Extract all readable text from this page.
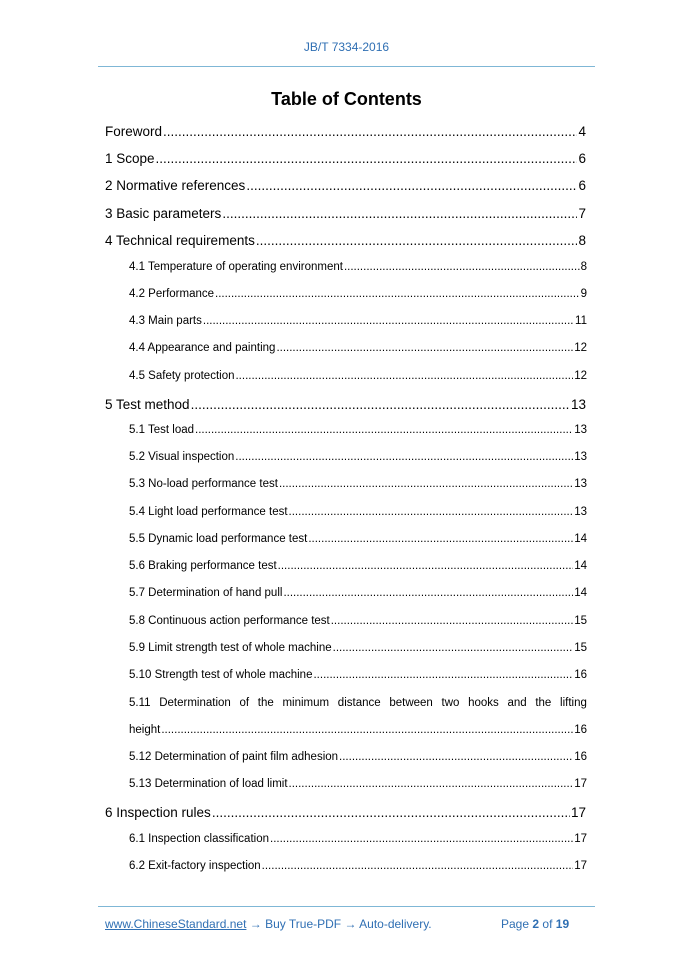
JB/T 7334-2016
Table of Contents
Foreword .....	4
1 Scope .....	6
2 Normative references .....	6
3 Basic parameters .....	7
4 Technical requirements .....	8
4.1 Temperature of operating environment .....	8
4.2 Performance .....	9
4.3 Main parts .....	11
4.4 Appearance and painting .....	12
4.5 Safety protection .....	12
5 Test method .....	13
5.1 Test load .....	13
5.2 Visual inspection .....	13
5.3 No-load performance test .....	13
5.4 Light load performance test .....	13
5.5 Dynamic load performance test .....	14
5.6 Braking performance test .....	14
5.7 Determination of hand pull .....	14
5.8 Continuous action performance test .....	15
5.9 Limit strength test of whole machine .....	15
5.10 Strength test of whole machine .....	16
5.11 Determination of the minimum distance between two hooks and the lifting
height .....	16
5.12 Determination of paint film adhesion .....	16
5.13 Determination of load limit .....	17
6 Inspection rules .....	17
6.1 Inspection classification .....	17
6.2 Exit-factory inspection .....	17
www.ChineseStandard.net → Buy True-PDF → Auto-delivery.	Page 2 of 19
